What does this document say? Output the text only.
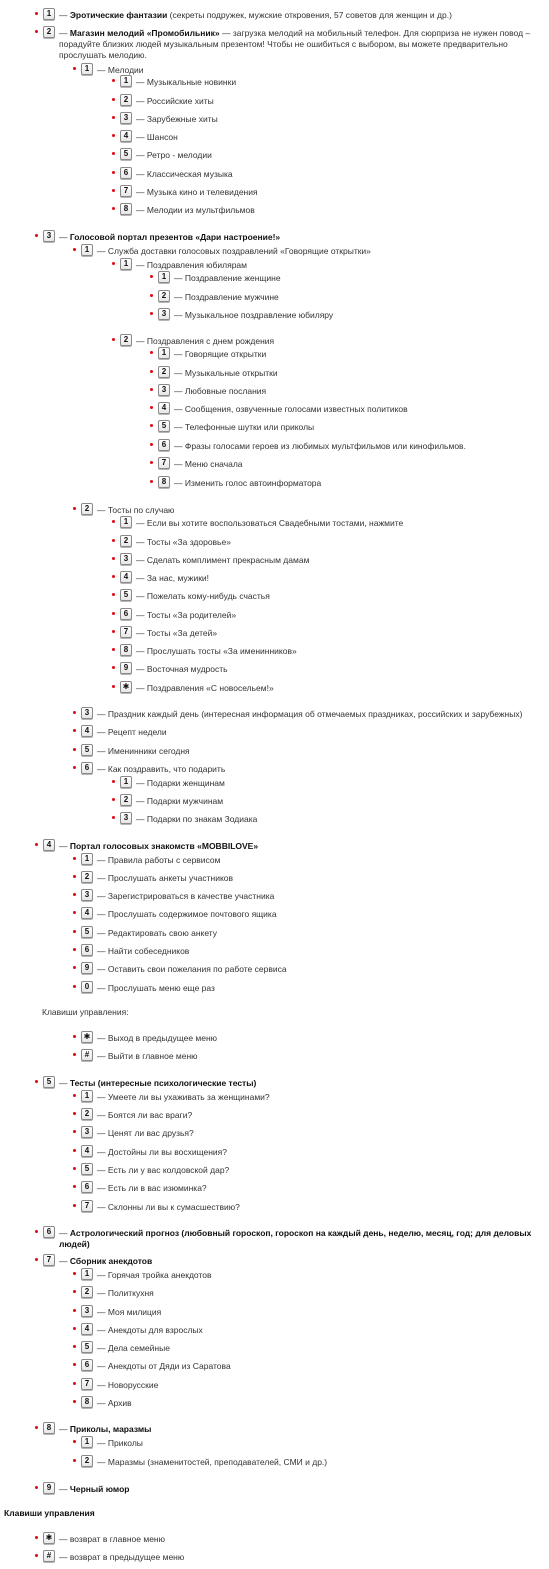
Клавиши управления:
Клавиши управления
1 — Эротические фантазии (секреты подружек, мужские откровения, 57 советов для женщин и др.)
2 — Магазин мелодий «Промобильник» — загрузка мелодий на мобильный телефон. Для сюрприза не нужен повод – порадуйте близких людей музыкальным презентом! Чтобы не ошибиться с выбором, вы можете предварительно прослушать мелодию.
1 — Мелодии
1 — Музыкальные новинки
2 — Российские хиты
3 — Зарубежные хиты
4 — Шансон
5 — Ретро - мелодии
6 — Классическая музыка
7 — Музыка кино и телевидения
8 — Мелодии из мультфильмов
3 — Голосовой портал презентов «Дари настроение!»
1 — Служба доставки голосовых поздравлений «Говорящие открытки»
1 — Поздравления юбилярам
1 — Поздравление женщине
2 — Поздравление мужчине
3 — Музыкальное поздравление юбиляру
2 — Поздравления с днем рождения
1 — Говорящие открытки
2 — Музыкальные открытки
3 — Любовные послания
4 — Сообщения, озвученные голосами известных политиков
5 — Телефонные шутки или приколы
6 — Фразы голосами героев из любимых мультфильмов или кинофильмов.
7 — Меню сначала
8 — Изменить голос автоинформатора
2 — Тосты по случаю
1 — Если вы хотите воспользоваться Свадебными тостами, нажмите
2 — Тосты «За здоровье»
3 — Сделать комплимент прекрасным дамам
4 — За нас, мужики!
5 — Пожелать кому-нибудь счастья
6 — Тосты «За родителей»
7 — Тосты «За детей»
8 — Прослушать тосты «За именинников»
9 — Восточная мудрость
✱ — Поздравления «С новосельем!»
3 — Праздник каждый день (интересная информация об отмечаемых праздниках, российских и зарубежных)
4 — Рецепт недели
5 — Именинники сегодня
6 — Как поздравить, что подарить
1 — Подарки женщинам
2 — Подарки мужчинам
3 — Подарки по знакам Зодиака
4 — Портал голосовых знакомств «MOBBILOVE»
1 — Правила работы с сервисом
2 — Прослушать анкеты участников
3 — Зарегистрироваться в качестве участника
4 — Прослушать содержимое почтового ящика
5 — Редактировать свою анкету
6 — Найти собеседников
9 — Оставить свои пожелания по работе сервиса
0 — Прослушать меню еще раз
✱ — Выход в предыдущее меню
# — Выйти в главное меню
5 — Тесты (интересные психологические тесты)
1 — Умеете ли вы ухаживать за женщинами?
2 — Боятся ли вас враги?
3 — Ценят ли вас друзья?
4 — Достойны ли вы восхищения?
5 — Есть ли у вас колдовской дар?
6 — Есть ли в вас изюминка?
7 — Склонны ли вы к сумасшествию?
6 — Астрологический прогноз (любовный гороскоп, гороскоп на каждый день, неделю, месяц, год; для деловых людей)
7 — Сборник анекдотов
1 — Горячая тройка анекдотов
2 — Политкухня
3 — Моя милиция
4 — Анекдоты для взрослых
5 — Дела семейные
6 — Анекдоты от Дяди из Саратова
7 — Новорусские
8 — Архив
8 — Приколы, маразмы
1 — Приколы
2 — Маразмы (знаменитостей, преподавателей, СМИ и др.)
9 — Черный юмор
✱ — возврат в главное меню
# — возврат в предыдущее меню
